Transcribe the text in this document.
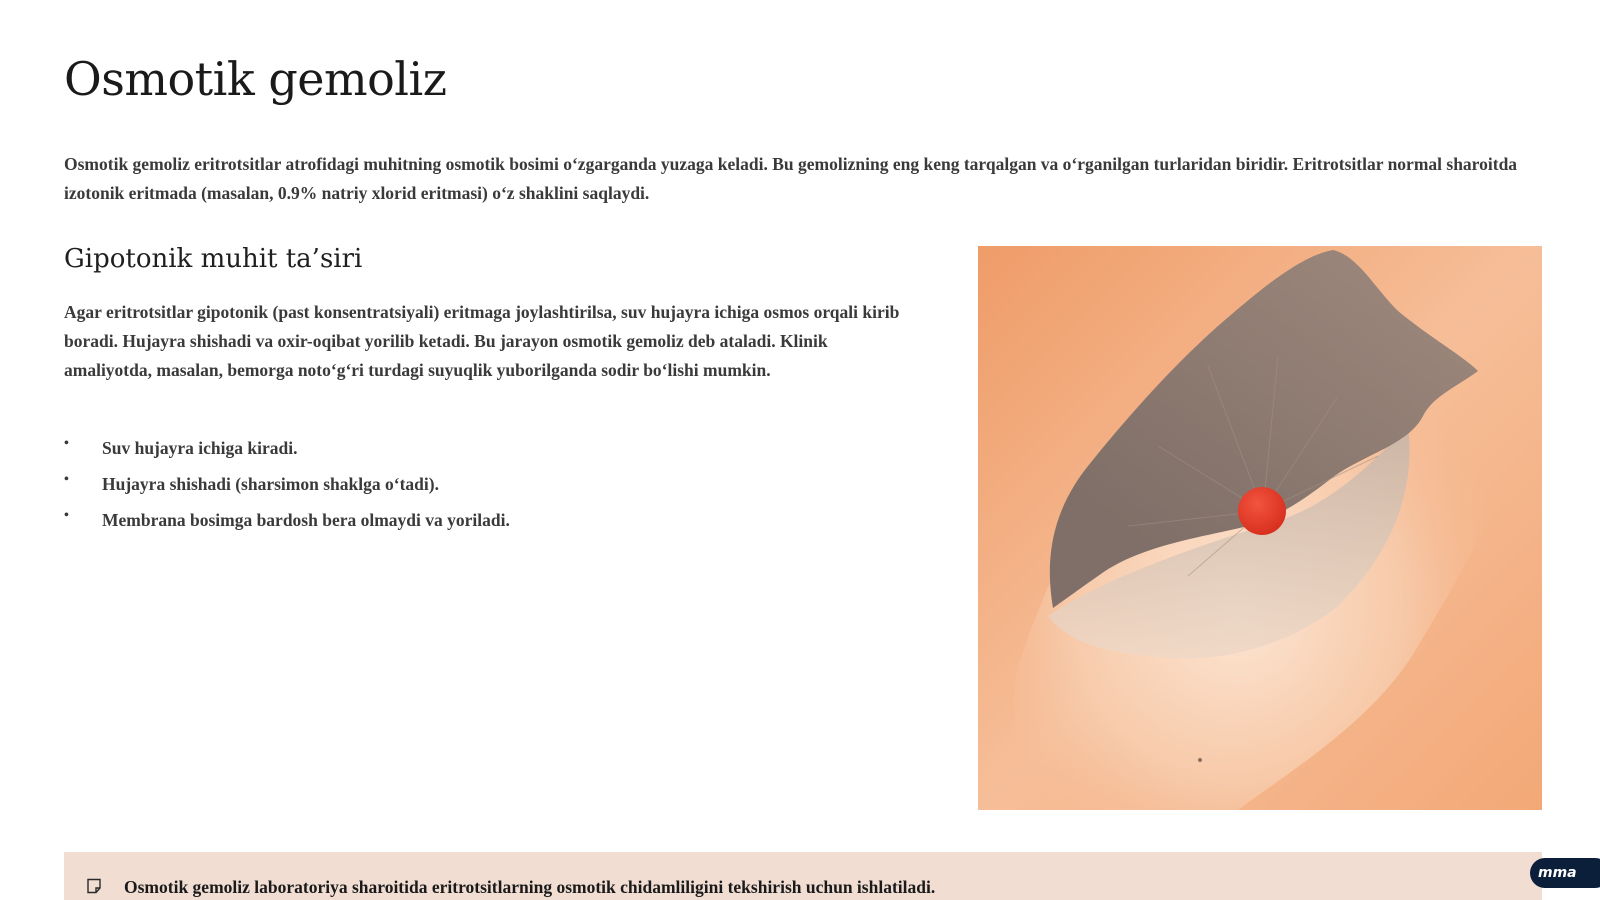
Osmotik gemoliz

Osmotik gemoliz eritrotsitlar atrofidagi muhitning osmotik bosimi o‘zgarganda yuzaga keladi. Bu gemolizning eng keng tarqalgan va o‘rganilgan turlaridan biridir. Eritrotsitlar normal sharoitda izotonik eritmada (masalan, 0.9% natriy xlorid eritmasi) o‘z shaklini saqlaydi.

Gipotonik muhit ta’siri

Agar eritrotsitlar gipotonik (past konsentratsiyali) eritmaga joylashtirilsa, suv hujayra ichiga osmos orqali kirib boradi. Hujayra shishadi va oxir-oqibat yorilib ketadi. Bu jarayon osmotik gemoliz deb ataladi. Klinik amaliyotda, masalan, bemorga noto‘g‘ri turdagi suyuqlik yuborilganda sodir bo‘lishi mumkin.

• Suv hujayra ichiga kiradi.
• Hujayra shishadi (sharsimon shaklga o‘tadi).
• Membrana bosimga bardosh bera olmaydi va yoriladi.
Osmotik gemoliz laboratoriya sharoitida eritrotsitlarning osmotik chidamliligini tekshirish uchun ishlatiladi.
mma
